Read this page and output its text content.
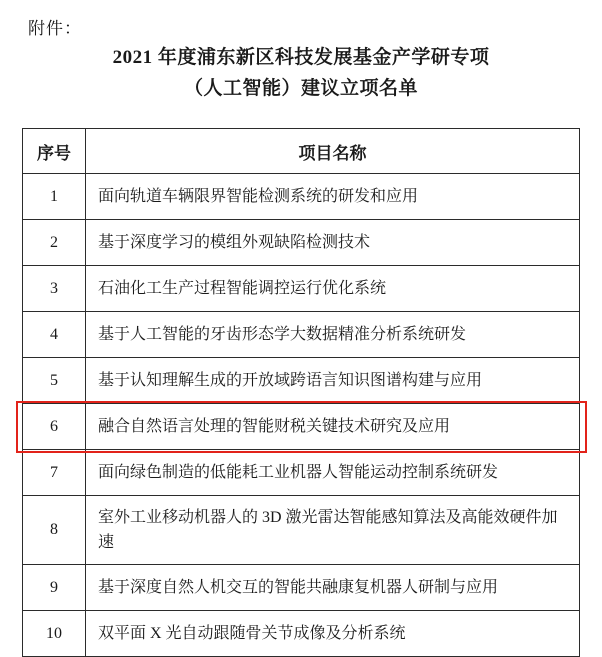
附件：
2021 年度浦东新区科技发展基金产学研专项
（人工智能）建议立项名单
序号	项目名称
1	面向轨道车辆限界智能检测系统的研发和应用
2	基于深度学习的模组外观缺陷检测技术
3	石油化工生产过程智能调控运行优化系统
4	基于人工智能的牙齿形态学大数据精准分析系统研发
5	基于认知理解生成的开放域跨语言知识图谱构建与应用
6	融合自然语言处理的智能财税关键技术研究及应用
7	面向绿色制造的低能耗工业机器人智能运动控制系统研发
8	室外工业移动机器人的 3D 激光雷达智能感知算法及高能效硬件加速
9	基于深度自然人机交互的智能共融康复机器人研制与应用
10	双平面 X 光自动跟随骨关节成像及分析系统
